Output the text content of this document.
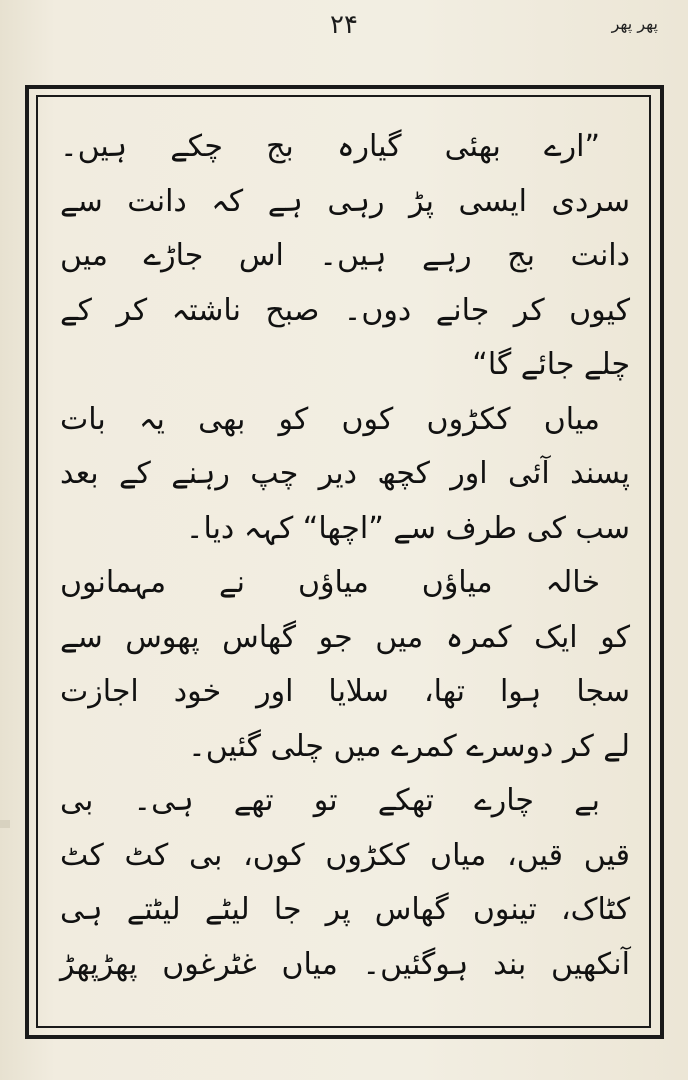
۲۴	پھر پھر
”ارے بھئی گیارہ بج چکے ہیں۔
سردی ایسی پڑ رہی ہے کہ دانت سے
دانت بج رہے ہیں۔ اس جاڑے میں
کیوں کر جانے دوں۔ صبح ناشتہ کر کے
چلے جائے گا“
میاں ککڑوں کوں کو بھی یہ بات
پسند آئی اور کچھ دیر چپ رہنے کے بعد
سب کی طرف سے ”اچھا“ کہہ دیا۔
خالہ میاؤں میاؤں نے مہمانوں
کو ایک کمرہ میں جو گھاس پھوس سے
سجا ہوا تھا، سلایا اور خود اجازت
لے کر دوسرے کمرے میں چلی گئیں۔
بے چارے تھکے تو تھے ہی۔ بی
قیں قیں، میاں ککڑوں کوں، بی کٹ کٹ
کٹاک، تینوں گھاس پر جا لیٹے لیٹتے ہی
آنکھیں بند ہوگئیں۔ میاں غٹرغوں پھڑپھڑ
